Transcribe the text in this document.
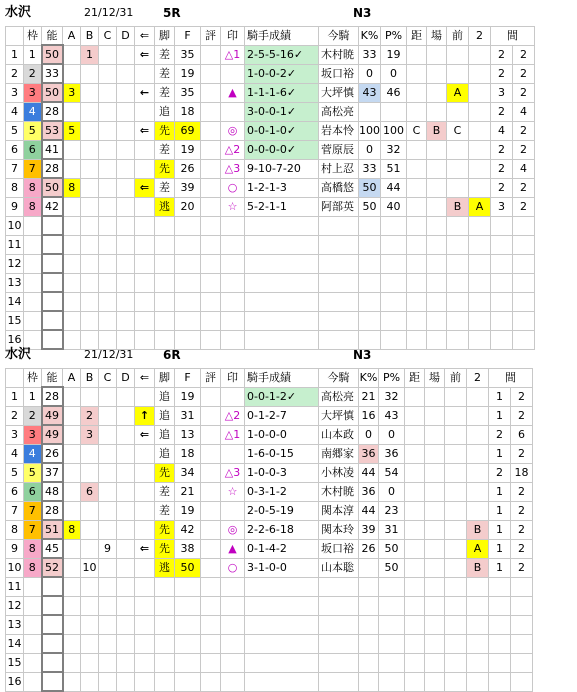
水沢	21/12/31 5R	N3
	枠	能	A	B	C	D	⇐	脚	F	評	印	騎手成績	今騎	K%	P%	距	場	前	2	間	
1	1	50		1			⇐	差	35		△1	2-5-5-16✓	木村暁	33	19					2	2
2	2	33						差	19			1-0-0-2✓	坂口裕	0	0					2	2
3	3	50	3				←	差	35		▲	1-1-1-6✓	大坪慎	43	46			A		3	2
4	4	28						追	18			3-0-0-1✓	高松亮							2	4
5	5	53	5				⇐	先	69		◎	0-0-1-0✓	岩本怜	100	100	C	B	C		4	2
6	6	41						差	19		△2	0-0-0-0✓	菅原辰	0	32					2	2
7	7	28						先	26		△3	9-10-7-20	村上忍	33	51					2	4
8	8	50	8				⇐	差	39		○	1-2-1-3	高橋悠	50	44					2	2
9	8	42						逃	20		☆	5-2-1-1	阿部英	50	40			B	A	3	2
10																					
11																					
12																					
13																					
14																					
15																					
16																					
水沢	21/12/31 6R	N3
	枠	能	A	B	C	D	⇐	脚	F	評	印	騎手成績	今騎	K%	P%	距	場	前	2	間	
1	1	28						追	19			0-0-1-2✓	高松亮	21	32					1	2
2	2	49		2			↑	追	31		△2	0-1-2-7	大坪慎	16	43					1	2
3	3	49		3			⇐	追	13		△1	1-0-0-0	山本政	0	0					2	6
4	4	26						追	18			1-6-0-15	南郷家	36	36					1	2
5	5	37						先	34		△3	1-0-0-3	小林凌	44	54					2	18
6	6	48		6				差	21		☆	0-3-1-2	木村暁	36	0					1	2
7	7	28						差	19			2-0-5-19	関本淳	44	23					1	2
8	7	51	8					先	42		◎	2-2-6-18	関本玲	39	31				B	1	2
9	8	45			9		⇐	先	38		▲	0-1-4-2	坂口裕	26	50				A	1	2
10	8	52		10				逃	50		○	3-1-0-0	山本聡		50				B	1	2
11																					
12																					
13																					
14																					
15																					
16																					
